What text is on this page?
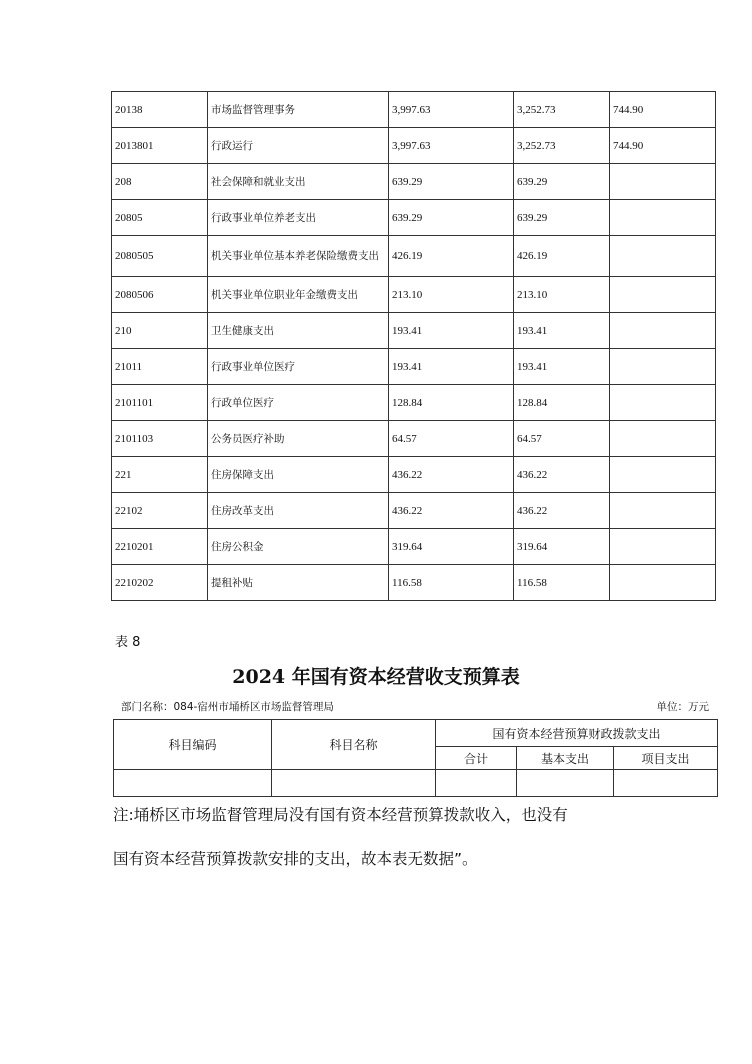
20138	市场监督管理事务	3,997.63	3,252.73	744.90
2013801	行政运行	3,997.63	3,252.73	744.90
208	社会保障和就业支出	639.29	639.29	
20805	行政事业单位养老支出	639.29	639.29	
2080505	机关事业单位基本养老保险缴费支出	426.19	426.19	
2080506	机关事业单位职业年金缴费支出	213.10	213.10	
210	卫生健康支出	193.41	193.41	
21011	行政事业单位医疗	193.41	193.41	
2101101	行政单位医疗	128.84	128.84	
2101103	公务员医疗补助	64.57	64.57	
221	住房保障支出	436.22	436.22	
22102	住房改革支出	436.22	436.22	
2210201	住房公积金	319.64	319.64	
2210202	提租补贴	116.58	116.58	
表 8
2024 年国有资本经营收支预算表
部门名称：084-宿州市埇桥区市场监督管理局	单位：万元
科目编码	科目名称	国有资本经营预算财政拨款支出		
		合计	基本支出	项目支出

注:埇桥区市场监督管理局没有国有资本经营预算拨款收入，也没有
国有资本经营预算拨款安排的支出，故本表无数据”。
